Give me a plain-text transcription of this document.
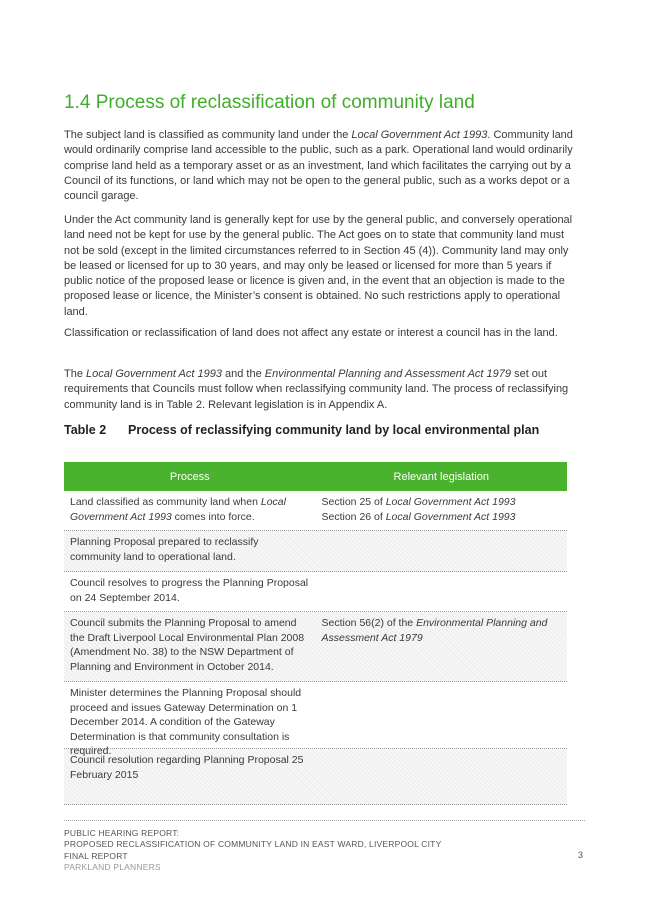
1.4 Process of reclassification of community land

The subject land is classified as community land under the Local Government Act 1993. Community land would ordinarily comprise land accessible to the public, such as a park. Operational land would ordinarily comprise land held as a temporary asset or as an investment, land which facilitates the carrying out by a Council of its functions, or land which may not be open to the general public, such as a works depot or a council garage.

Under the Act community land is generally kept for use by the general public, and conversely operational land need not be kept for use by the general public. The Act goes on to state that community land must not be sold (except in the limited circumstances referred to in Section 45 (4)). Community land may only be leased or licensed for up to 30 years, and may only be leased or licensed for more than 5 years if public notice of the proposed lease or licence is given and, in the event that an objection is made to the proposed lease or licence, the Minister’s consent is obtained. No such restrictions apply to operational land.

Classification or reclassification of land does not affect any estate or interest a council has in the land.

The Local Government Act 1993 and the Environmental Planning and Assessment Act 1979 set out requirements that Councils must follow when reclassifying community land. The process of reclassifying community land is in Table 2. Relevant legislation is in Appendix A.

Table 2 Process of reclassifying community land by local environmental plan
Process	Relevant legislation
Land classified as community land when Local Government Act 1993 comes into force.
Section 25 of Local Government Act 1993
Section 26 of Local Government Act 1993
Planning Proposal prepared to reclassify community land to operational land.
Council resolves to progress the Planning Proposal on 24 September 2014.
Council submits the Planning Proposal to amend the Draft Liverpool Local Environmental Plan 2008 (Amendment No. 38) to the NSW Department of Planning and Environment in October 2014.
Section 56(2) of the Environmental Planning and Assessment Act 1979
Minister determines the Planning Proposal should proceed and issues Gateway Determination on 1 December 2014. A condition of the Gateway Determination is that community consultation is required.
Council resolution regarding Planning Proposal 25 February 2015
PUBLIC HEARING REPORT:
PROPOSED RECLASSIFICATION OF COMMUNITY LAND IN EAST WARD, LIVERPOOL CITY
FINAL REPORT
PARKLAND PLANNERS
3
